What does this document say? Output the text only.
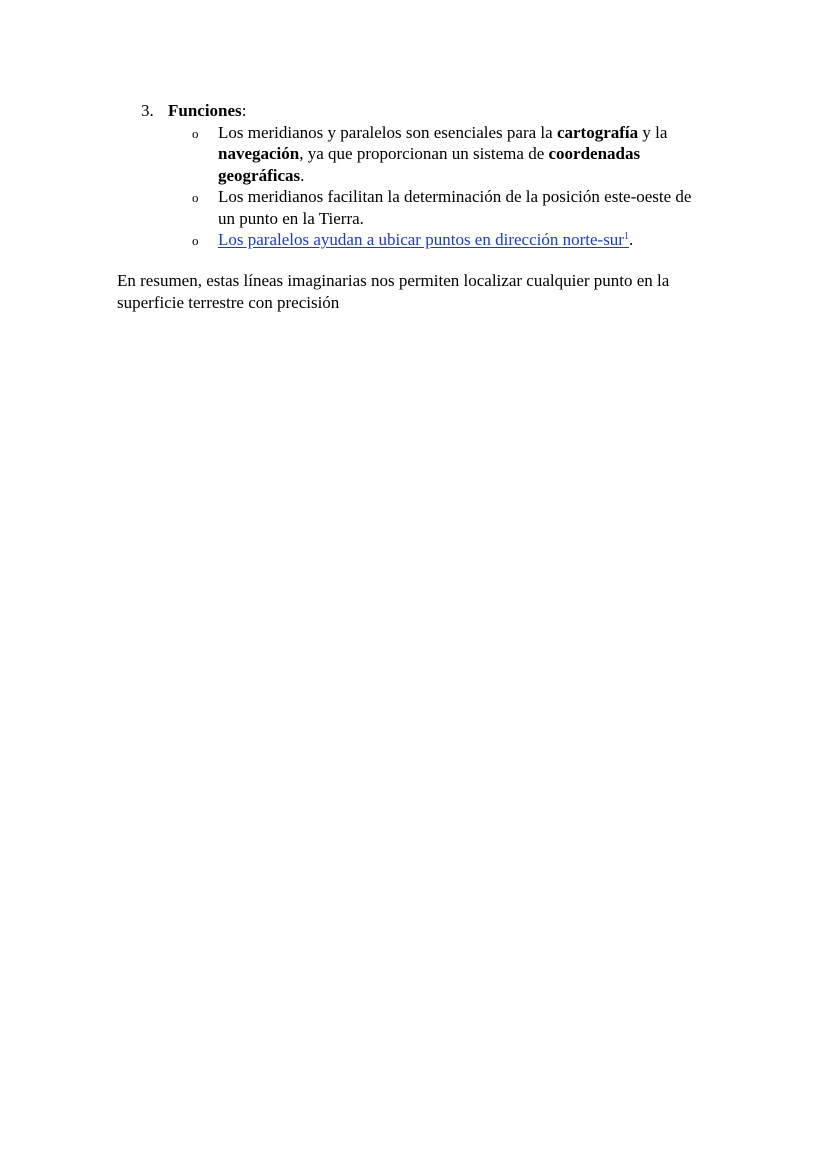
3. Funciones:

o Los meridianos y paralelos son esenciales para la cartografía y la navegación, ya que proporcionan un sistema de coordenadas geográficas.
o Los meridianos facilitan la determinación de la posición este-oeste de un punto en la Tierra.
o Los paralelos ayudan a ubicar puntos en dirección norte-sur$^1$.

En resumen, estas líneas imaginarias nos permiten localizar cualquier punto en la superficie terrestre con precisión
